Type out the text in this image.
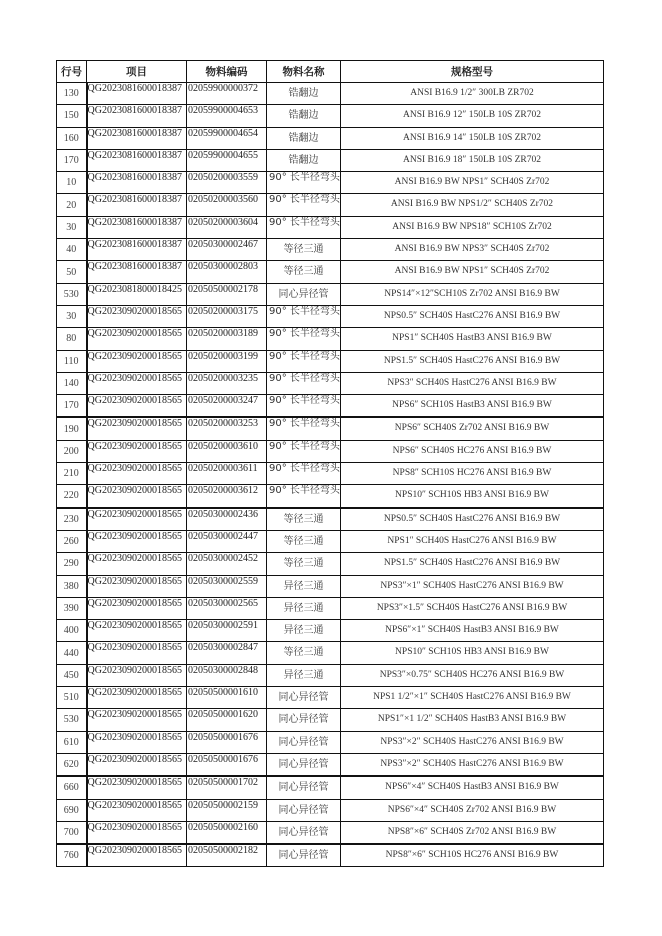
行号	项目	物料编码	物料名称	规格型号

130	QG2023081600018387	02059900000372	锆翻边	ANSI B16.9 1/2″ 300LB ZR702

150	QG2023081600018387	02059900004653	锆翻边	ANSI B16.9 12″ 150LB 10S ZR702

160	QG2023081600018387	02059900004654	锆翻边	ANSI B16.9 14″ 150LB 10S ZR702

170	QG2023081600018387	02059900004655	锆翻边	ANSI B16.9 18″ 150LB 10S ZR702

10	QG2023081600018387	02050200003559	90° 长半径弯头	ANSI B16.9 BW NPS1″ SCH40S Zr702

20	QG2023081600018387	02050200003560	90° 长半径弯头	ANSI B16.9 BW NPS1/2″ SCH40S Zr702

30	QG2023081600018387	02050200003604	90° 长半径弯头	ANSI B16.9 BW NPS18″ SCH10S Zr702

40	QG2023081600018387	02050300002467	等径三通	ANSI B16.9 BW NPS3″ SCH40S Zr702

50	QG2023081600018387	02050300002803	等径三通	ANSI B16.9 BW NPS1″ SCH40S Zr702

530	QG2023081800018425	02050500002178	同心异径管	NPS14″×12″SCH10S Zr702 ANSI B16.9 BW

30	QG2023090200018565	02050200003175	90° 长半径弯头	NPS0.5″ SCH40S HastC276 ANSI B16.9 BW

80	QG2023090200018565	02050200003189	90° 长半径弯头	NPS1″ SCH40S HastB3 ANSI B16.9 BW

110	QG2023090200018565	02050200003199	90° 长半径弯头	NPS1.5″ SCH40S HastC276 ANSI B16.9 BW

140	QG2023090200018565	02050200003235	90° 长半径弯头	NPS3″ SCH40S HastC276 ANSI B16.9 BW

170	QG2023090200018565	02050200003247	90° 长半径弯头	NPS6″ SCH10S HastB3 ANSI B16.9 BW

190	QG2023090200018565	02050200003253	90° 长半径弯头	NPS6″ SCH40S Zr702 ANSI B16.9 BW

200	QG2023090200018565	02050200003610	90° 长半径弯头	NPS6″ SCH40S HC276 ANSI B16.9 BW

210	QG2023090200018565	02050200003611	90° 长半径弯头	NPS8″ SCH10S HC276 ANSI B16.9 BW

220	QG2023090200018565	02050200003612	90° 长半径弯头	NPS10″ SCH10S HB3 ANSI B16.9 BW

230	QG2023090200018565	02050300002436	等径三通	NPS0.5″ SCH40S HastC276 ANSI B16.9 BW

260	QG2023090200018565	02050300002447	等径三通	NPS1″ SCH40S HastC276 ANSI B16.9 BW

290	QG2023090200018565	02050300002452	等径三通	NPS1.5″ SCH40S HastC276 ANSI B16.9 BW

380	QG2023090200018565	02050300002559	异径三通	NPS3″×1″ SCH40S HastC276 ANSI B16.9 BW

390	QG2023090200018565	02050300002565	异径三通	NPS3″×1.5″ SCH40S HastC276 ANSI B16.9 BW

400	QG2023090200018565	02050300002591	异径三通	NPS6″×1″ SCH40S HastB3 ANSI B16.9 BW

440	QG2023090200018565	02050300002847	等径三通	NPS10″ SCH10S HB3 ANSI B16.9 BW

450	QG2023090200018565	02050300002848	异径三通	NPS3″×0.75″ SCH40S HC276 ANSI B16.9 BW

510	QG2023090200018565	02050500001610	同心异径管	NPS1 1/2″×1″ SCH40S HastC276 ANSI B16.9 BW

530	QG2023090200018565	02050500001620	同心异径管	NPS1″×1 1/2″ SCH40S HastB3 ANSI B16.9 BW

610	QG2023090200018565	02050500001676	同心异径管	NPS3″×2″ SCH40S HastC276 ANSI B16.9 BW

620	QG2023090200018565	02050500001676	同心异径管	NPS3″×2″ SCH40S HastC276 ANSI B16.9 BW

660	QG2023090200018565	02050500001702	同心异径管	NPS6″×4″ SCH40S HastB3 ANSI B16.9 BW

690	QG2023090200018565	02050500002159	同心异径管	NPS6″×4″ SCH40S Zr702 ANSI B16.9 BW

700	QG2023090200018565	02050500002160	同心异径管	NPS8″×6″ SCH40S Zr702 ANSI B16.9 BW

760	QG2023090200018565	02050500002182	同心异径管	NPS8″×6″ SCH10S HC276 ANSI B16.9 BW
